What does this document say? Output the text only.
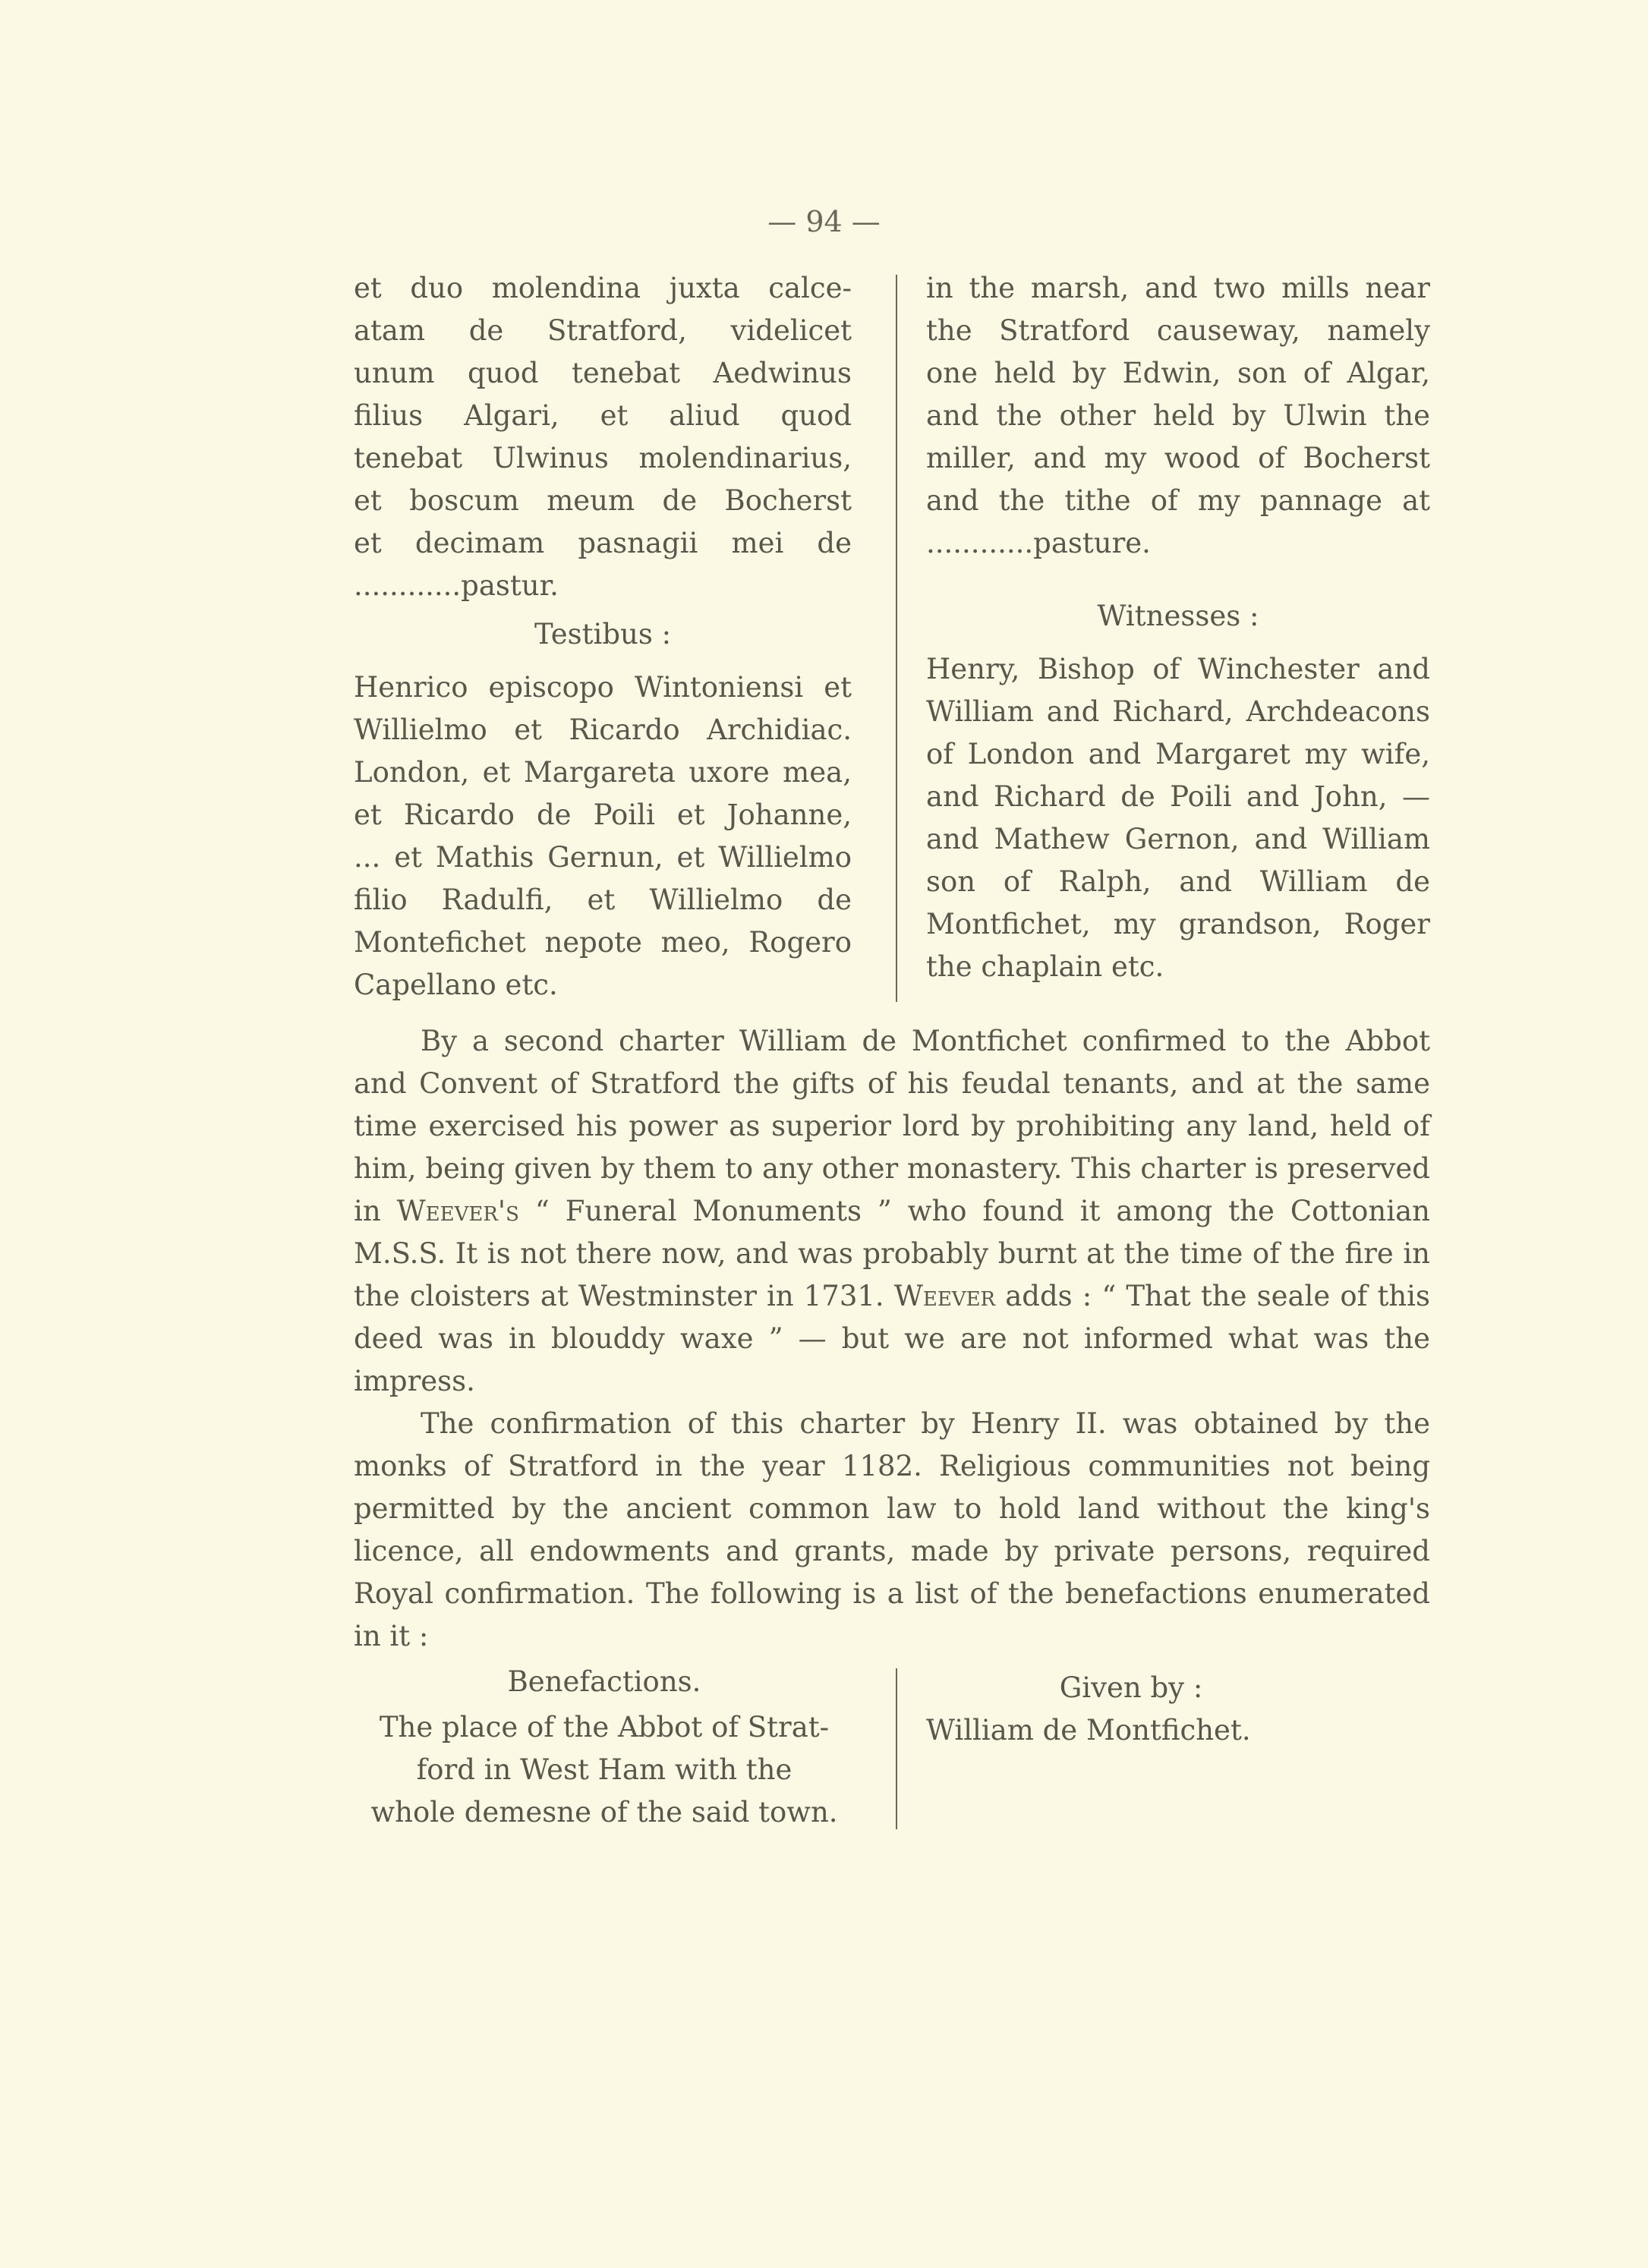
— 94 —

et duo molendina juxta calce-

atam de Stratford, videlicet

unum quod tenebat Aedwinus

filius Algari, et aliud quod

tenebat Ulwinus molendinarius,

et boscum meum de Bocherst

et decimam pasnagii mei de

............pastur.

Testibus :

Henrico episcopo Wintoniensi et

Willielmo et Ricardo Archidiac.

London, et Margareta uxore mea,

et Ricardo de Poili et Johanne,

... et Mathis Gernun, et Willielmo

filio Radulfi, et Willielmo de

Montefichet nepote meo, Rogero

Capellano etc.

in the marsh, and two mills near

the Stratford causeway, namely

one held by Edwin, son of Algar,

and the other held by Ulwin the

miller, and my wood of Bocherst

and the tithe of my pannage at

............pasture.

Witnesses :

Henry, Bishop of Winchester and

William and Richard, Archdeacons

of London and Margaret my wife,

and Richard de Poili and John, —

and Mathew Gernon, and William

son of Ralph, and William de

Montfichet, my grandson, Roger

the chaplain etc.

By a second charter William de Montfichet confirmed to the Abbot and Convent of Stratford the gifts of his feudal tenants, and at the same time exercised his power as superior lord by prohibiting any land, held of him, being given by them to any other monastery. This charter is preserved in Weever's “ Funeral Monuments ” who found it among the Cottonian M.S.S. It is not there now, and was probably burnt at the time of the fire in the cloisters at Westminster in 1731. Weever adds : “ That the seale of this deed was in blouddy waxe ” — but we are not informed what was the impress.

The confirmation of this charter by Henry II. was obtained by the monks of Stratford in the year 1182. Religious communities not being permitted by the ancient common law to hold land without the king's licence, all endowments and grants, made by private persons, required Royal confirmation. The following is a list of the benefactions enumerated in it :

Benefactions.
The place of the Abbot of Strat-
ford in West Ham with the
whole demesne of the said town.
Given by :
William de Montfichet.
